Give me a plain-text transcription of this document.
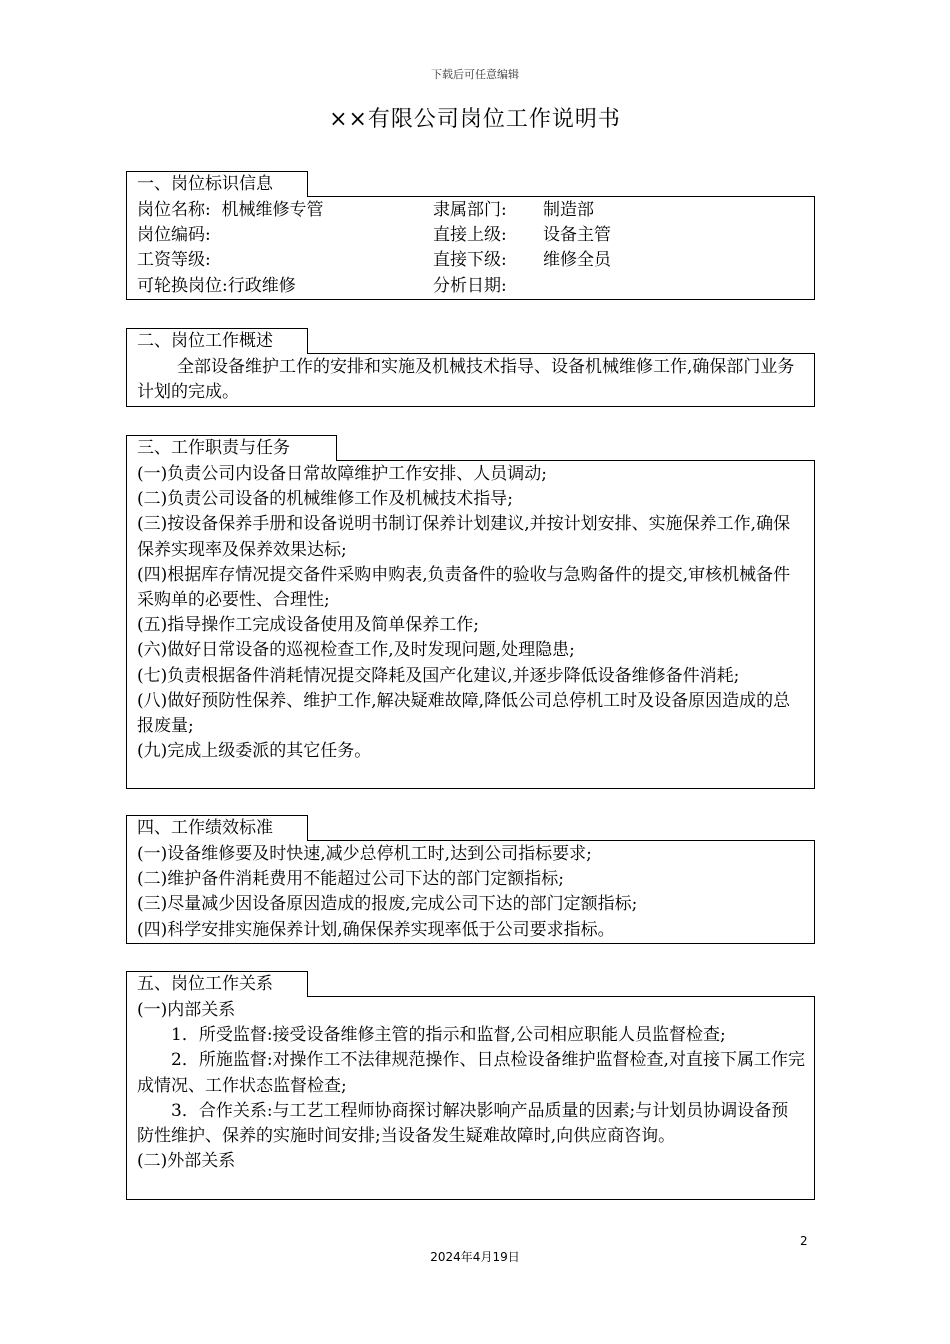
下载后可任意编辑
××有限公司岗位工作说明书
一、岗位标识信息
岗位名称: 机械维修专管	隶属部门:	制造部
岗位编码:	直接上级:	设备主管
工资等级:	直接下级:	维修全员
可轮换岗位:行政维修	分析日期:
二、岗位工作概述

全部设备维护工作的安排和实施及机械技术指导、设备机械维修工作,确保部门业务计划的完成。

三、工作职责与任务

(一)负责公司内设备日常故障维护工作安排、人员调动;

(二)负责公司设备的机械维修工作及机械技术指导;

(三)按设备保养手册和设备说明书制订保养计划建议,并按计划安排、实施保养工作,确保保养实现率及保养效果达标;

(四)根据库存情况提交备件采购申购表,负责备件的验收与急购备件的提交,审核机械备件采购单的必要性、合理性;

(五)指导操作工完成设备使用及简单保养工作;

(六)做好日常设备的巡视检查工作,及时发现问题,处理隐患;

(七)负责根据备件消耗情况提交降耗及国产化建议,并逐步降低设备维修备件消耗;

(八)做好预防性保养、维护工作,解决疑难故障,降低公司总停机工时及设备原因造成的总报废量;

(九)完成上级委派的其它任务。

四、工作绩效标准

(一)设备维修要及时快速,减少总停机工时,达到公司指标要求;

(二)维护备件消耗费用不能超过公司下达的部门定额指标;

(三)尽量减少因设备原因造成的报废,完成公司下达的部门定额指标;

(四)科学安排实施保养计划,确保保养实现率低于公司要求指标。

五、岗位工作关系

(一)内部关系

1．所受监督:接受设备维修主管的指示和监督,公司相应职能人员监督检查;

2．所施监督:对操作工不法律规范操作、日点检设备维护监督检查,对直接下属工作完成情况、工作状态监督检查;

3．合作关系:与工艺工程师协商探讨解决影响产品质量的因素;与计划员协调设备预防性维护、保养的实施时间安排;当设备发生疑难故障时,向供应商咨询。

(二)外部关系

2
2024年4月19日
